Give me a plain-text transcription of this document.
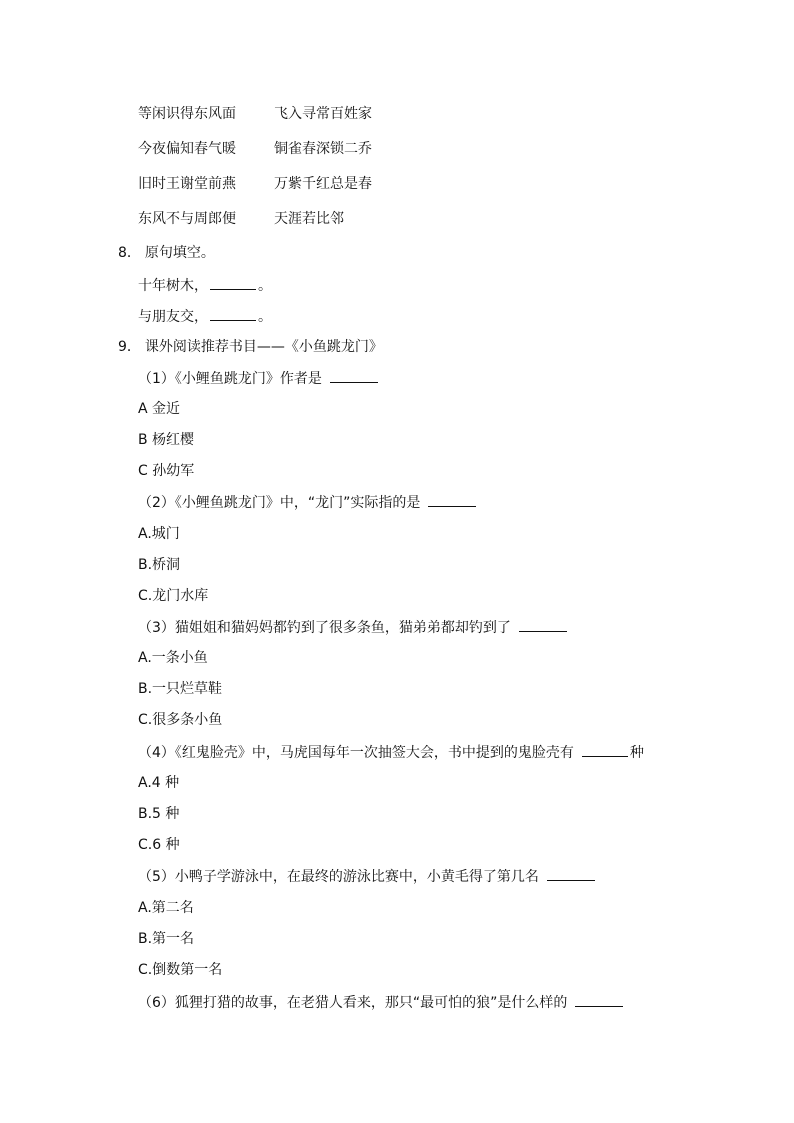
等闲识得东风面	飞入寻常百姓家
今夜偏知春气暖	铜雀春深锁二乔
旧时王谢堂前燕	万紫千红总是春
东风不与周郎便	天涯若比邻
8． 原句填空。
十年树木，	。
与朋友交，	。
9． 课外阅读推荐书目——《小鱼跳龙门》
（1）《小鲤鱼跳龙门》作者是
A 金近
B 杨红樱
C 孙幼军
（2）《小鲤鱼跳龙门》中，“龙门”实际指的是
A.城门
B.桥洞
C.龙门水库
（3）猫姐姐和猫妈妈都钓到了很多条鱼，猫弟弟都却钓到了
A.一条小鱼
B.一只烂草鞋
C.很多条小鱼
（4）《红鬼脸壳》中，马虎国每年一次抽签大会，书中提到的鬼脸壳有	种
A.4 种
B.5 种
C.6 种
（5）小鸭子学游泳中，在最终的游泳比赛中，小黄毛得了第几名
A.第二名
B.第一名
C.倒数第一名
（6）狐狸打猎的故事，在老猎人看来，那只“最可怕的狼”是什么样的
